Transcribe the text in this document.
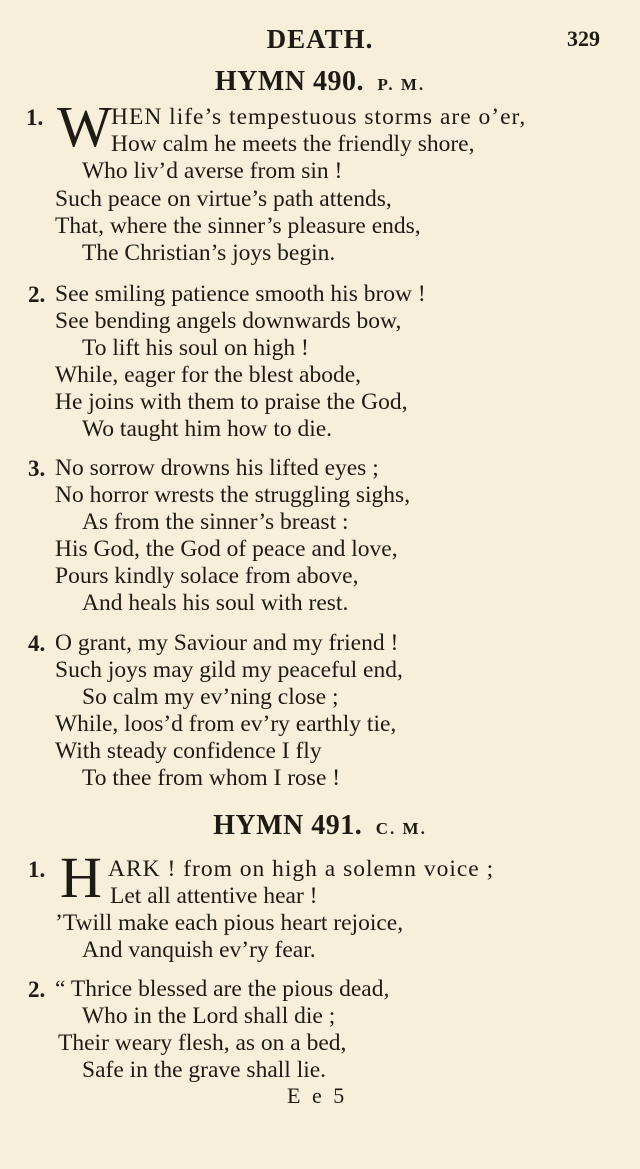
DEATH.	329
HYMN 490. P. M.
1. W HEN life’s tempestuous storms are o’er,
How calm he meets the friendly shore,
Who liv’d averse from sin !
Such peace on virtue’s path attends,
That, where the sinner’s pleasure ends,
The Christian’s joys begin.
2. See smiling patience smooth his brow !
See bending angels downwards bow,
To lift his soul on high !
While, eager for the blest abode,
He joins with them to praise the God,
Wo taught him how to die.
3. No sorrow drowns his lifted eyes ;
No horror wrests the struggling sighs,
As from the sinner’s breast :
His God, the God of peace and love,
Pours kindly solace from above,
And heals his soul with rest.
4. O grant, my Saviour and my friend !
Such joys may gild my peaceful end,
So calm my ev’ning close ;
While, loos’d from ev’ry earthly tie,
With steady confidence I fly
To thee from whom I rose !
HYMN 491. C. M.
1. H ARK ! from on high a solemn voice ;
Let all attentive hear !
’Twill make each pious heart rejoice,
And vanquish ev’ry fear.
2. “ Thrice blessed are the pious dead,
Who in the Lord shall die ;
Their weary flesh, as on a bed,
Safe in the grave shall lie.
E e 5
